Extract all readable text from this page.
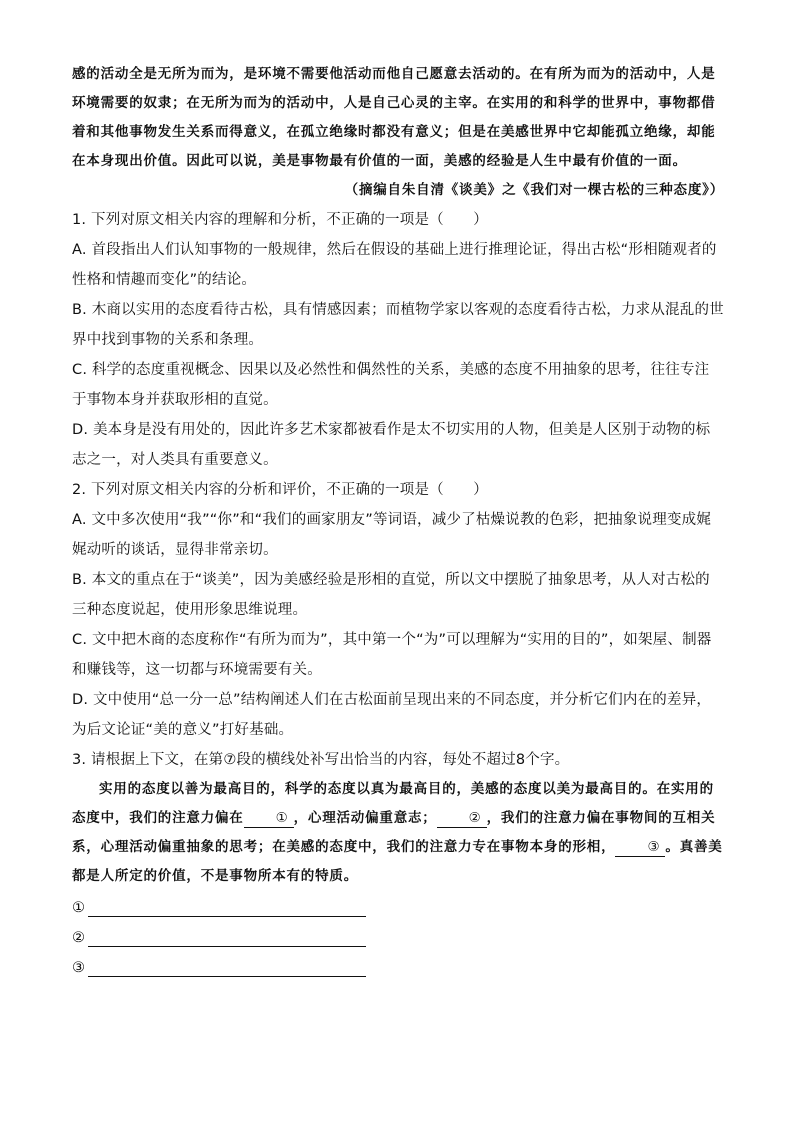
感的活动全是无所为而为，是环境不需要他活动而他自己愿意去活动的。在有所为而为的活动中，人是环境需要的奴隶；在无所为而为的活动中，人是自己心灵的主宰。在实用的和科学的世界中，事物都借着和其他事物发生关系而得意义，在孤立绝缘时都没有意义；但是在美感世界中它却能孤立绝缘，却能在本身现出价值。因此可以说，美是事物最有价值的一面，美感的经验是人生中最有价值的一面。

（摘编自朱自清《谈美》之《我们对一棵古松的三种态度》）

1. 下列对原文相关内容的理解和分析，不正确的一项是（　　）

A. 首段指出人们认知事物的一般规律，然后在假设的基础上进行推理论证，得出古松“形相随观者的性格和情趣而变化”的结论。

B. 木商以实用的态度看待古松，具有情感因素；而植物学家以客观的态度看待古松，力求从混乱的世界中找到事物的关系和条理。

C. 科学的态度重视概念、因果以及必然性和偶然性的关系，美感的态度不用抽象的思考，往往专注于事物本身并获取形相的直觉。

D. 美本身是没有用处的，因此许多艺术家都被看作是太不切实用的人物，但美是人区别于动物的标志之一，对人类具有重要意义。

2. 下列对原文相关内容的分析和评价，不正确的一项是（　　）

A. 文中多次使用“我”“你”和“我们的画家朋友”等词语，减少了枯燥说教的色彩，把抽象说理变成娓娓动听的谈话，显得非常亲切。

B. 本文的重点在于“谈美”，因为美感经验是形相的直觉，所以文中摆脱了抽象思考，从人对古松的三种态度说起，使用形象思维说理。

C. 文中把木商的态度称作“有所为而为”，其中第一个“为”可以理解为“实用的目的”，如架屋、制器和赚钱等，这一切都与环境需要有关。

D. 文中使用“总一分一总”结构阐述人们在古松面前呈现出来的不同态度，并分析它们内在的差异，为后文论证“美的意义”打好基础。

3. 请根据上下文，在第⑦段的横线处补写出恰当的内容，每处不超过8个字。

实用的态度以善为最高目的，科学的态度以真为最高目的，美感的态度以美为最高目的。在实用的态度中，我们的注意力偏在 ① ，心理活动偏重意志； ② ，我们的注意力偏在事物间的互相关系，心理活动偏重抽象的思考；在美感的态度中，我们的注意力专在事物本身的形相， ③ 。真善美都是人所定的价值，不是事物所本有的特质。

①
②
③
